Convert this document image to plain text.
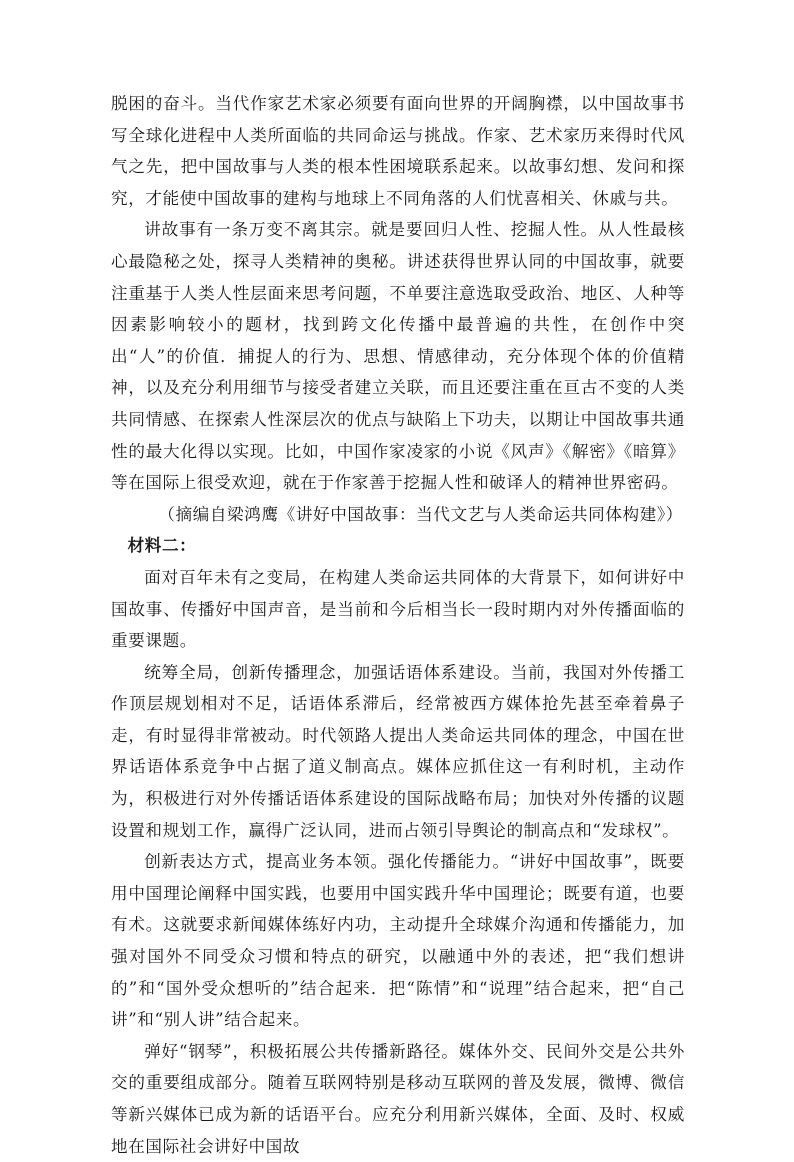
脱困的奋斗。当代作家艺术家必须要有面向世界的开阔胸襟，以中国故事书写全球化进程中人类所面临的共同命运与挑战。作家、艺术家历来得时代风气之先，把中国故事与人类的根本性困境联系起来。以故事幻想、发问和探究，才能使中国故事的建构与地球上不同角落的人们忧喜相关、休戚与共。

讲故事有一条万变不离其宗。就是要回归人性、挖掘人性。从人性最核心最隐秘之处，探寻人类精神的奥秘。讲述获得世界认同的中国故事，就要注重基于人类人性层面来思考问题，不单要注意选取受政治、地区、人种等因素影响较小的题材，找到跨文化传播中最普遍的共性，在创作中突出“人”的价值．捕捉人的行为、思想、情感律动，充分体现个体的价值精神，以及充分利用细节与接受者建立关联，而且还要注重在亘古不变的人类共同情感、在探索人性深层次的优点与缺陷上下功夫，以期让中国故事共通性的最大化得以实现。比如，中国作家凌家的小说《风声》《解密》《暗算》等在国际上很受欢迎，就在于作家善于挖掘人性和破译人的精神世界密码。

（摘编自梁鸿鹰《讲好中国故事：当代文艺与人类命运共同体构建》）

材料二：

面对百年未有之变局，在构建人类命运共同体的大背景下，如何讲好中国故事、传播好中国声音，是当前和今后相当长一段时期内对外传播面临的重要课题。

统筹全局，创新传播理念，加强话语体系建设。当前，我国对外传播工作顶层规划相对不足，话语体系滞后，经常被西方媒体抢先甚至牵着鼻子走，有时显得非常被动。时代领路人提出人类命运共同体的理念，中国在世界话语体系竞争中占据了道义制高点。媒体应抓住这一有利时机，主动作为，积极进行对外传播话语体系建设的国际战略布局；加快对外传播的议题设置和规划工作，赢得广泛认同，进而占领引导舆论的制高点和“发球权”。

创新表达方式，提高业务本领。强化传播能力。“讲好中国故事”，既要用中国理论阐释中国实践，也要用中国实践升华中国理论；既要有道，也要有术。这就要求新闻媒体练好内功，主动提升全球媒介沟通和传播能力，加强对国外不同受众习惯和特点的研究，以融通中外的表述，把“我们想讲的”和“国外受众想听的”结合起来．把“陈情”和“说理”结合起来，把“自己讲”和“别人讲”结合起来。

弹好“钢琴”，积极拓展公共传播新路径。媒体外交、民间外交是公共外交的重要组成部分。随着互联网特别是移动互联网的普及发展，微博、微信等新兴媒体已成为新的话语平台。应充分利用新兴媒体，全面、及时、权威地在国际社会讲好中国故
